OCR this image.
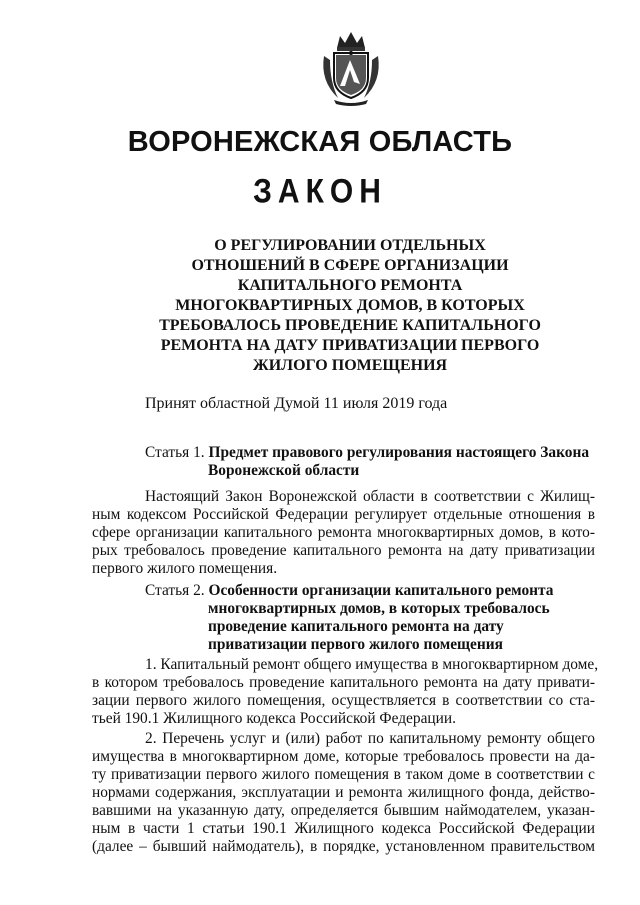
ВОРОНЕЖСКАЯ ОБЛАСТЬ
ЗАКОН
О РЕГУЛИРОВАНИИ ОТДЕЛЬНЫХ
ОТНОШЕНИЙ В СФЕРЕ ОРГАНИЗАЦИИ
КАПИТАЛЬНОГО РЕМОНТА
МНОГОКВАРТИРНЫХ ДОМОВ, В КОТОРЫХ
ТРЕБОВАЛОСЬ ПРОВЕДЕНИЕ КАПИТАЛЬНОГО
РЕМОНТА НА ДАТУ ПРИВАТИЗАЦИИ ПЕРВОГО
ЖИЛОГО ПОМЕЩЕНИЯ
Принят областной Думой 11 июля 2019 года
Статья 1. Предмет правового регулирования настоящего Закона
Воронежской области
Настоящий Закон Воронежской области в соответствии с Жилищ-
ным кодексом Российской Федерации регулирует отдельные отношения в
сфере организации капитального ремонта многоквартирных домов, в кото-
рых требовалось проведение капитального ремонта на дату приватизации
первого жилого помещения.
Статья 2. Особенности организации капитального ремонта
многоквартирных домов, в которых требовалось
проведение капитального ремонта на дату
приватизации первого жилого помещения
1. Капитальный ремонт общего имущества в многоквартирном доме,
в котором требовалось проведение капитального ремонта на дату привати-
зации первого жилого помещения, осуществляется в соответствии со ста-
тьей 190.1 Жилищного кодекса Российской Федерации.
2. Перечень услуг и (или) работ по капитальному ремонту общего
имущества в многоквартирном доме, которые требовалось провести на да-
ту приватизации первого жилого помещения в таком доме в соответствии с
нормами содержания, эксплуатации и ремонта жилищного фонда, действо-
вавшими на указанную дату, определяется бывшим наймодателем, указан-
ным в части 1 статьи 190.1 Жилищного кодекса Российской Федерации
(далее – бывший наймодатель), в порядке, установленном правительством
